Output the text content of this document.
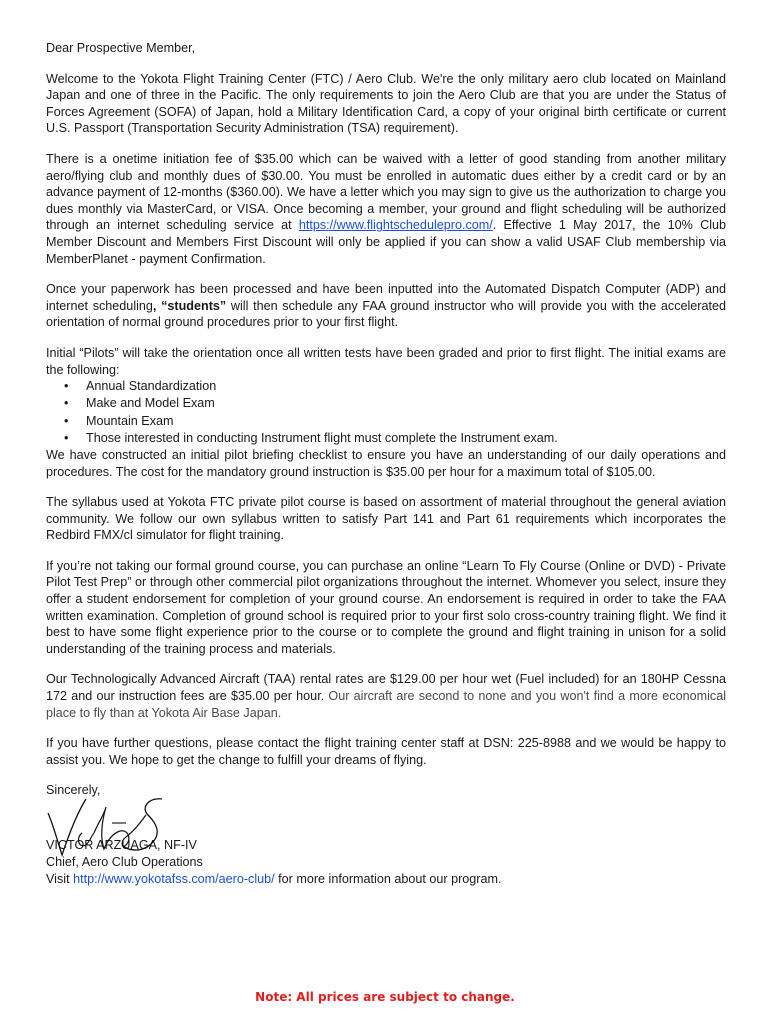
Dear Prospective Member,

Welcome to the Yokota Flight Training Center (FTC) / Aero Club. We're the only military aero club located on Mainland Japan and one of three in the Pacific. The only requirements to join the Aero Club are that you are under the Status of Forces Agreement (SOFA) of Japan, hold a Military Identification Card, a copy of your original birth certificate or current U.S. Passport (Transportation Security Administration (TSA) requirement).

There is a onetime initiation fee of $35.00 which can be waived with a letter of good standing from another military aero/flying club and monthly dues of $30.00. You must be enrolled in automatic dues either by a credit card or by an advance payment of 12-months ($360.00). We have a letter which you may sign to give us the authorization to charge you dues monthly via MasterCard, or VISA. Once becoming a member, your ground and flight scheduling will be authorized through an internet scheduling service at https://www.flightschedulepro.com/. Effective 1 May 2017, the 10% Club Member Discount and Members First Discount will only be applied if you can show a valid USAF Club membership via MemberPlanet - payment Confirmation.

Once your paperwork has been processed and have been inputted into the Automated Dispatch Computer (ADP) and internet scheduling, “students” will then schedule any FAA ground instructor who will provide you with the accelerated orientation of normal ground procedures prior to your first flight.

Initial “Pilots” will take the orientation once all written tests have been graded and prior to first flight. The initial exams are the following:

• Annual Standardization
• Make and Model Exam
• Mountain Exam
• Those interested in conducting Instrument flight must complete the Instrument exam.

We have constructed an initial pilot briefing checklist to ensure you have an understanding of our daily operations and procedures. The cost for the mandatory ground instruction is $35.00 per hour for a maximum total of $105.00.

The syllabus used at Yokota FTC private pilot course is based on assortment of material throughout the general aviation community. We follow our own syllabus written to satisfy Part 141 and Part 61 requirements which incorporates the Redbird FMX/cl simulator for flight training.

If you’re not taking our formal ground course, you can purchase an online “Learn To Fly Course (Online or DVD) - Private Pilot Test Prep” or through other commercial pilot organizations throughout the internet. Whomever you select, insure they offer a student endorsement for completion of your ground course. An endorsement is required in order to take the FAA written examination. Completion of ground school is required prior to your first solo cross-country training flight. We find it best to have some flight experience prior to the course or to complete the ground and flight training in unison for a solid understanding of the training process and materials.

Our Technologically Advanced Aircraft (TAA) rental rates are $129.00 per hour wet (Fuel included) for an 180HP Cessna 172 and our instruction fees are $35.00 per hour. Our aircraft are second to none and you won't find a more economical place to fly than at Yokota Air Base Japan.

If you have further questions, please contact the flight training center staff at DSN: 225-8988 and we would be happy to assist you. We hope to get the change to fulfill your dreams of flying.

Sincerely,

VICTOR ARZUAGA, NF-IV

Chief, Aero Club Operations

Visit http://www.yokotafss.com/aero-club/ for more information about our program.

Note: All prices are subject to change.
